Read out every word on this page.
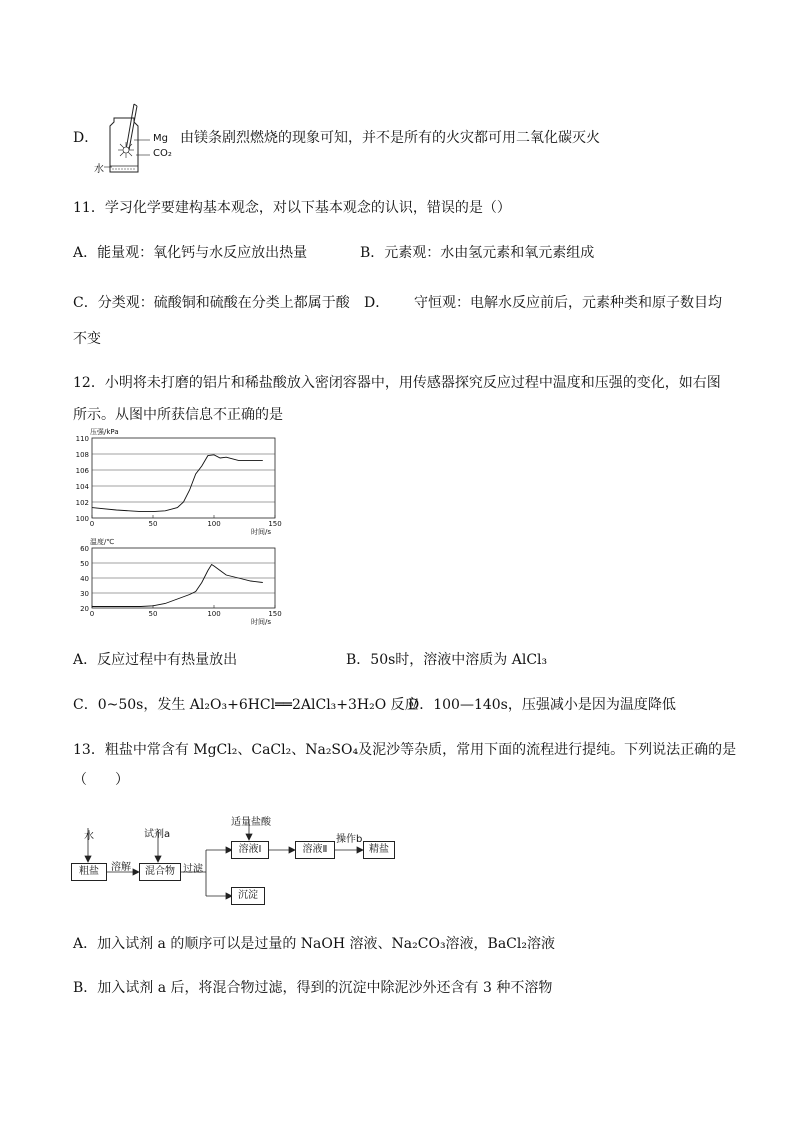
D．	Mg
CO₂
水
由镁条剧烈燃烧的现象可知，并不是所有的火灾都可用二氧化碳灭火
11．学习化学要建构基本观念，对以下基本观念的认识，错误的是（）
A．能量观：氧化钙与水反应放出热量	B．元素观：水由氢元素和氧元素组成
C．分类观：硫酸铜和硫酸在分类上都属于酸 D． 守恒观：电解水反应前后，元素种类和原子数目均
不变
12．小明将未打磨的铝片和稀盐酸放入密闭容器中，用传感器探究反应过程中温度和压强的变化，如右图
所示。从图中所获信息不正确的是
110
108
106
104
102
100
0	50	100	150
压强/kPa
时间/s
60
50
40
30
20
0	50	100	150
温度/℃
时间/s
A．反应过程中有热量放出	B．50s时，溶液中溶质为 AlCl₃
C．0~50s，发生 Al₂O₃+6HCl══2AlCl₃+3H₂O 反应
D．100—140s，压强减小是因为温度降低
13．粗盐中常含有 MgCl₂、CaCl₂、Na₂SO₄及泥沙等杂质，常用下面的流程进行提纯。下列说法正确的是
（　　）
水
粗盐	溶解
试剂a
混合物 过滤
适量盐酸
溶液Ⅰ	溶液Ⅱ
操作b
精盐
沉淀
A．加入试剂 a 的顺序可以是过量的 NaOH 溶液、Na₂CO₃溶液，BaCl₂溶液
B．加入试剂 a 后，将混合物过滤，得到的沉淀中除泥沙外还含有 3 种不溶物
